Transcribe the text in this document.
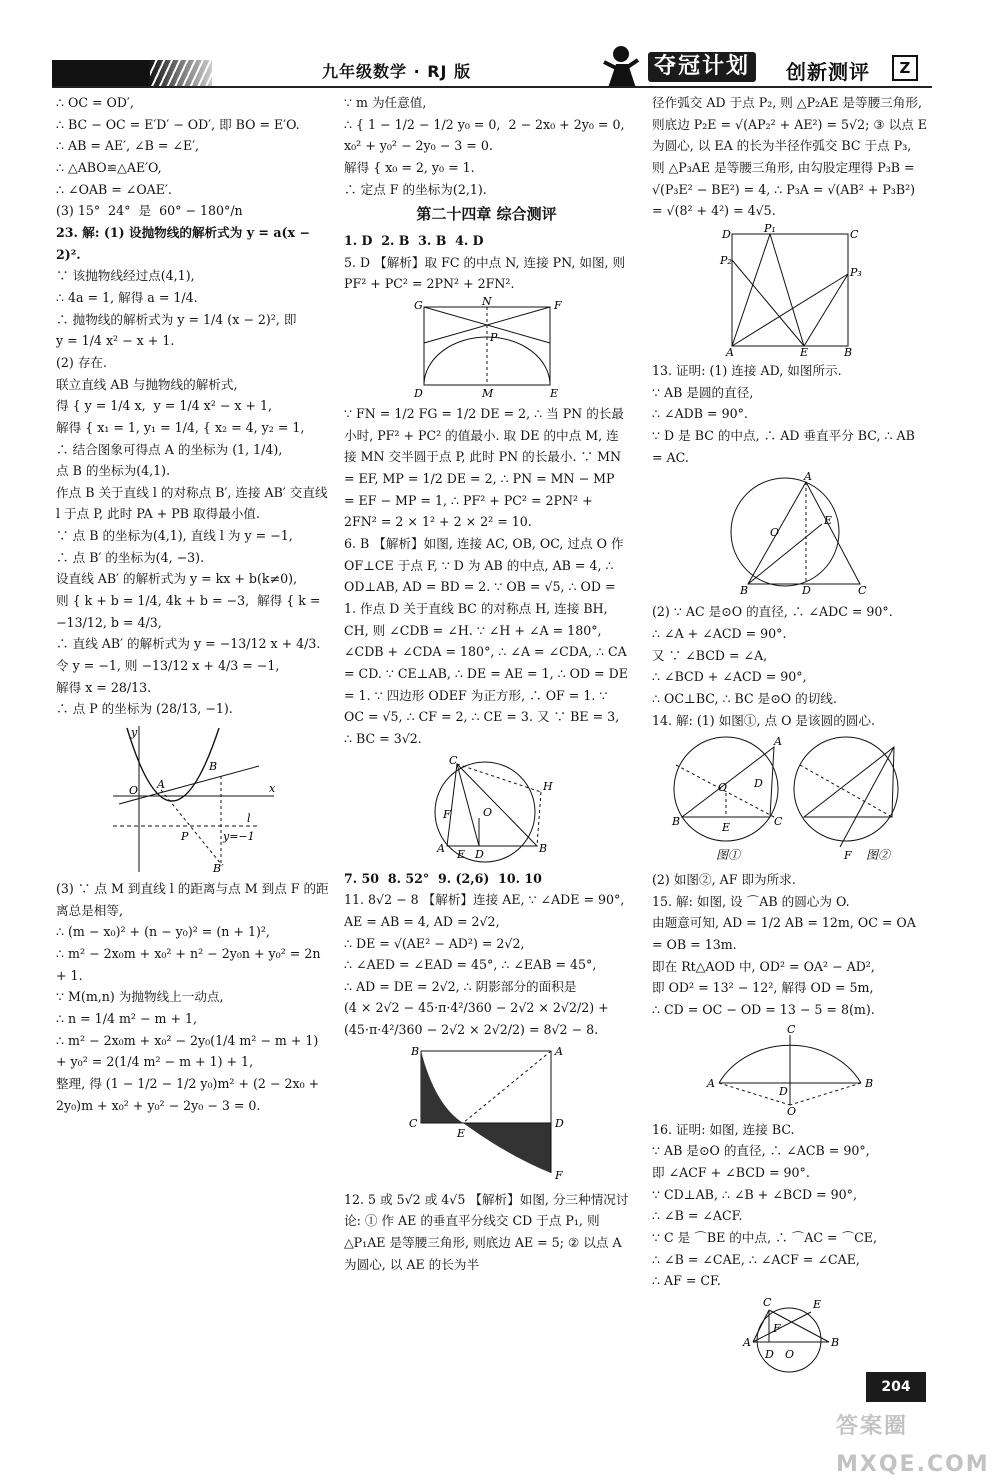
九年级数学 · RJ 版	夺冠计划	创新测评	Z
∴ OC = OD′,
∴ BC − OC = E′D′ − OD′, 即 BO = E′O.
∴ AB = AE′, ∠B = ∠E′,
∴ △ABO≌△AE′O,
∴ ∠OAB = ∠OAE′.
(3) 15°  24°  是  60° − 180°/n
23. 解: (1) 设抛物线的解析式为 y = a(x − 2)².
∵ 该抛物线经过点(4,1),
∴ 4a = 1, 解得 a = 1/4.
∴ 抛物线的解析式为 y = 1/4 (x − 2)², 即
y = 1/4 x² − x + 1.
(2) 存在.
联立直线 AB 与抛物线的解析式,
得 { y = 1/4 x,  y = 1/4 x² − x + 1,
解得 { x₁ = 1, y₁ = 1/4, { x₂ = 4, y₂ = 1,
∴ 结合图象可得点 A 的坐标为 (1, 1/4),
点 B 的坐标为(4,1).
作点 B 关于直线 l 的对称点 B′, 连接 AB′ 交直线 l 于点 P, 此时 PA + PB 取得最小值.
∵ 点 B 的坐标为(4,1), 直线 l 为 y = −1,
∴ 点 B′ 的坐标为(4, −3).
设直线 AB′ 的解析式为 y = kx + b(k≠0),
则 { k + b = 1/4, 4k + b = −3,  解得 { k = −13/12, b = 4/3,
∴ 直线 AB′ 的解析式为 y = −13/12 x + 4/3.
令 y = −1, 则 −13/12 x + 4/3 = −1,
解得 x = 28/13.
∴ 点 P 的坐标为 (28/13, −1).
y
O A
B
P
l
x
y=−1
B′
(3) ∵ 点 M 到直线 l 的距离与点 M 到点 F 的距离总是相等,
∴ (m − x₀)² + (n − y₀)² = (n + 1)²,
∴ m² − 2x₀m + x₀² + n² − 2y₀n + y₀² = 2n + 1.
∵ M(m,n) 为抛物线上一动点,
∴ n = 1/4 m² − m + 1,
∴ m² − 2x₀m + x₀² − 2y₀(1/4 m² − m + 1) + y₀² = 2(1/4 m² − m + 1) + 1,
整理, 得 (1 − 1/2 − 1/2 y₀)m² + (2 − 2x₀ + 2y₀)m + x₀² + y₀² − 2y₀ − 3 = 0.
∵ m 为任意值,
∴ { 1 − 1/2 − 1/2 y₀ = 0,  2 − 2x₀ + 2y₀ = 0,  x₀² + y₀² − 2y₀ − 3 = 0.
解得 { x₀ = 2, y₀ = 1.
∴ 定点 F 的坐标为(2,1).
第二十四章 综合测评
1. D  2. B  3. B  4. D
5. D 【解析】取 FC 的中点 N, 连接 PN, 如图, 则 PF² + PC² = 2PN² + 2FN².
G	N	F
P
D	M	E
∵ FN = 1/2 FG = 1/2 DE = 2, ∴ 当 PN 的长最小时, PF² + PC² 的值最小. 取 DE 的中点 M, 连接 MN 交半圆于点 P, 此时 PN 的长最小. ∵ MN = EF, MP = 1/2 DE = 2, ∴ PN = MN − MP = EF − MP = 1, ∴ PF² + PC² = 2PN² + 2FN² = 2 × 1² + 2 × 2² = 10.
6. B 【解析】如图, 连接 AC, OB, OC, 过点 O 作 OF⊥CE 于点 F, ∵ D 为 AB 的中点, AB = 4, ∴ OD⊥AB, AD = BD = 2. ∵ OB = √5, ∴ OD = 1. 作点 D 关于直线 BC 的对称点 H, 连接 BH, CH, 则 ∠CDB = ∠H. ∵ ∠H + ∠A = 180°, ∠CDB + ∠CDA = 180°, ∴ ∠A = ∠CDA, ∴ CA = CD. ∵ CE⊥AB, ∴ DE = AE = 1, ∴ OD = DE = 1. ∵ 四边形 ODEF 为正方形, ∴ OF = 1. ∵ OC = √5, ∴ CF = 2, ∴ CE = 3. 又 ∵ BE = 3, ∴ BC = 3√2.
C
H
F	O
A E D	B
7. 50  8. 52°  9. (2,6)  10. 10
11. 8√2 − 8 【解析】连接 AE, ∵ ∠ADE = 90°, AE = AB = 4, AD = 2√2,
∴ DE = √(AE² − AD²) = 2√2,
∴ ∠AED = ∠EAD = 45°, ∴ ∠EAB = 45°,
∴ AD = DE = 2√2, ∴ 阴影部分的面积是
(4 × 2√2 − 45·π·4²/360 − 2√2 × 2√2/2) +
(45·π·4²/360 − 2√2 × 2√2/2) = 8√2 − 8.
B	A
C
E
D
F
12. 5 或 5√2 或 4√5 【解析】如图, 分三种情况讨论: ① 作 AE 的垂直平分线交 CD 于点 P₁, 则 △P₁AE 是等腰三角形, 则底边 AE = 5; ② 以点 A 为圆心, 以 AE 的长为半
径作弧交 AD 于点 P₂, 则 △P₂AE 是等腰三角形, 则底边 P₂E = √(AP₂² + AE²) = 5√2; ③ 以点 E 为圆心, 以 EA 的长为半径作弧交 BC 于点 P₃, 则 △P₃AE 是等腰三角形, 由勾股定理得 P₃B = √(P₃E² − BE²) = 4, ∴ P₃A = √(AB² + P₃B²) = √(8² + 4²) = 4√5.
D	P₁	C
P₂
P₃
A	E	B
13. 证明: (1) 连接 AD, 如图所示.
∵ AB 是圆的直径,
∴ ∠ADB = 90°.
∵ D 是 BC 的中点, ∴ AD 垂直平分 BC, ∴ AB = AC.
A
O
E
B	D	C
(2) ∵ AC 是⊙O 的直径, ∴ ∠ADC = 90°.
∴ ∠A + ∠ACD = 90°.
又 ∵ ∠BCD = ∠A,
∴ ∠BCD + ∠ACD = 90°,
∴ OC⊥BC, ∴ BC 是⊙O 的切线.
14. 解: (1) 如图①, 点 O 是该圆的圆心.
A
O D
B	E	C
F
图①	图②
(2) 如图②, AF 即为所求.
15. 解: 如图, 设 ⌒AB 的圆心为 O.
由题意可知, AD = 1/2 AB = 12m, OC = OA = OB = 13m.
即在 Rt△AOD 中, OD² = OA² − AD²,
即 OD² = 13² − 12², 解得 OD = 5m,
∴ CD = OC − OD = 13 − 5 = 8(m).
C
A
D
B
O
16. 证明: 如图, 连接 BC.
∵ AB 是⊙O 的直径, ∴ ∠ACB = 90°,
即 ∠ACF + ∠BCD = 90°.
∵ CD⊥AB, ∴ ∠B + ∠BCD = 90°,
∴ ∠B = ∠ACF.
∵ C 是 ⌒BE 的中点, ∴ ⌒AC = ⌒CE,
∴ ∠B = ∠CAE, ∴ ∠ACF = ∠CAE,
∴ AF = CF.
C	E
A
F
D O
B
204
答案圈 MXQE.COM
